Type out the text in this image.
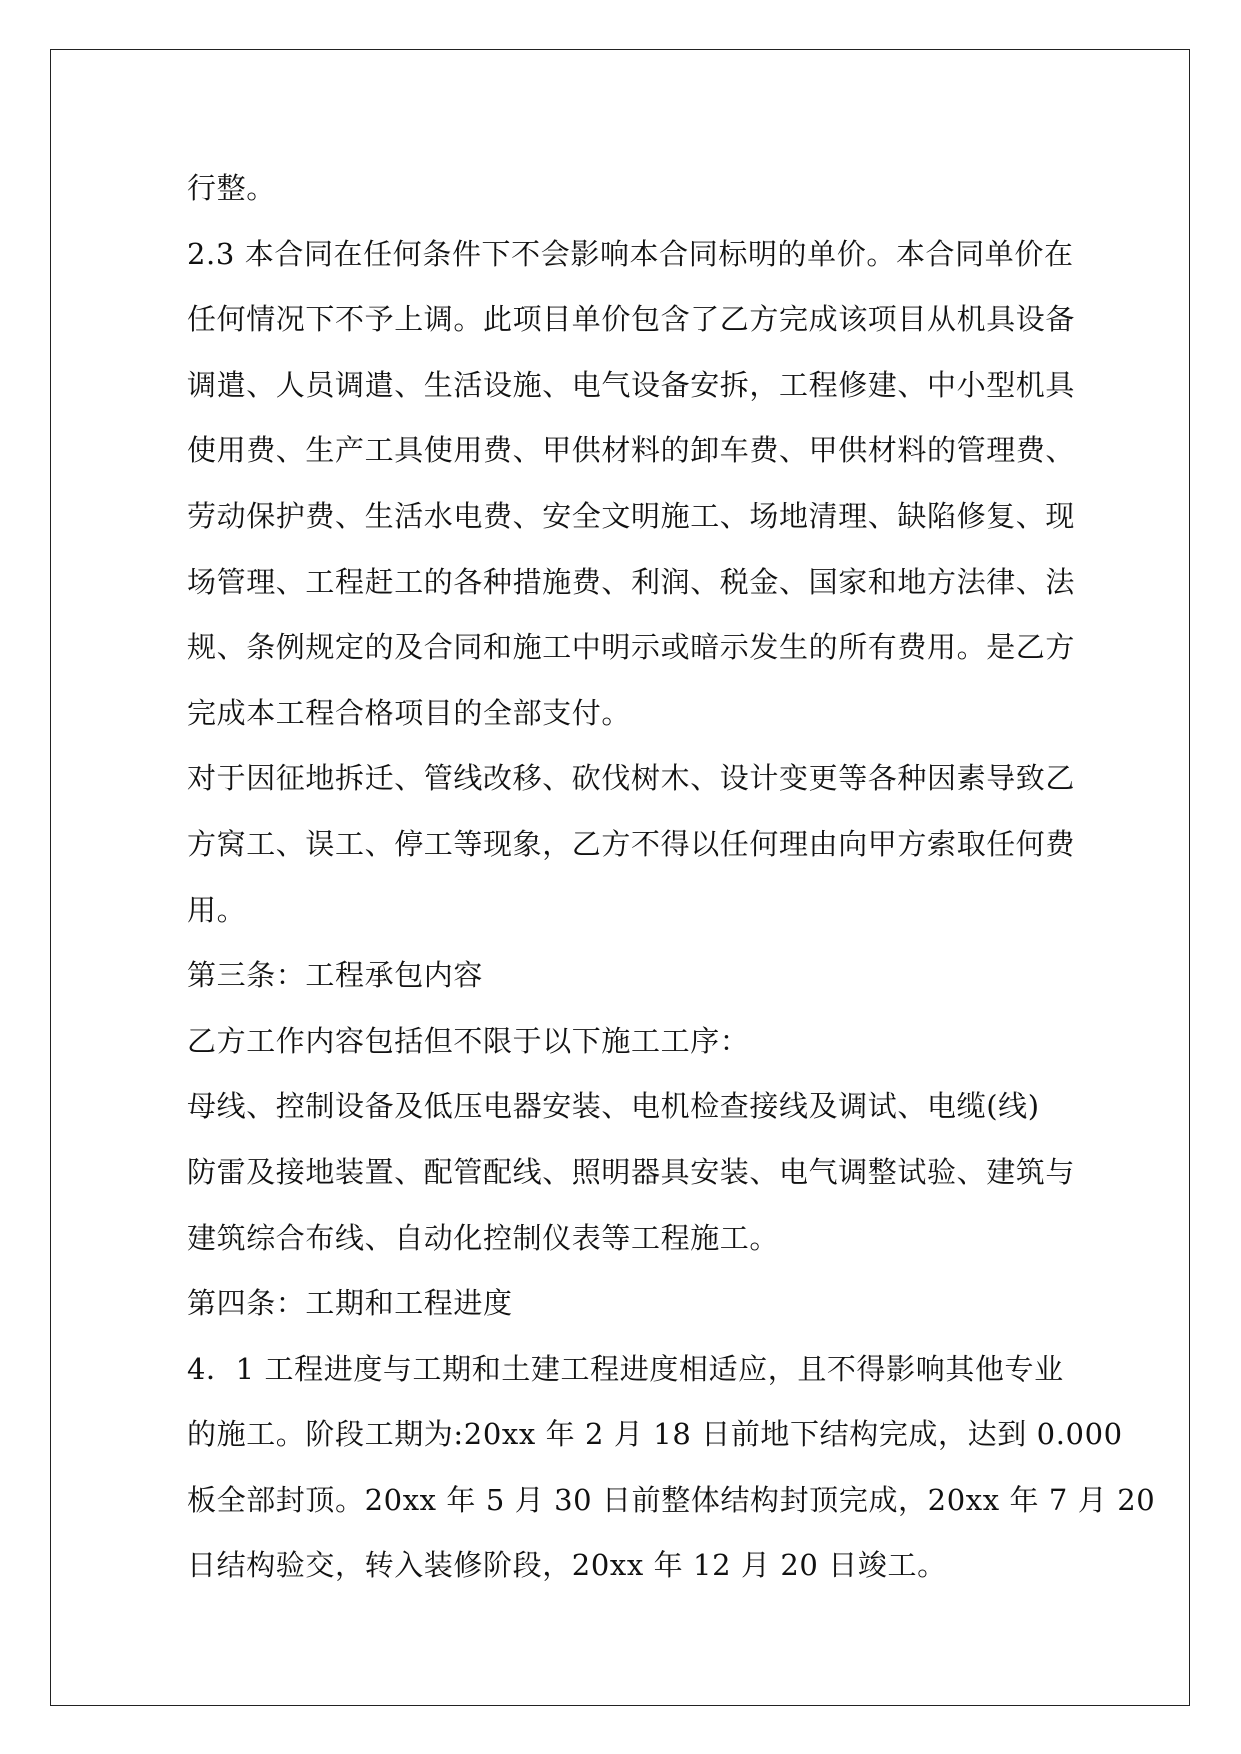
行整。
2.3 本合同在任何条件下不会影响本合同标明的单价。本合同单价在
任何情况下不予上调。此项目单价包含了乙方完成该项目从机具设备
调遣、人员调遣、生活设施、电气设备安拆，工程修建、中小型机具
使用费、生产工具使用费、甲供材料的卸车费、甲供材料的管理费、
劳动保护费、生活水电费、安全文明施工、场地清理、缺陷修复、现
场管理、工程赶工的各种措施费、利润、税金、国家和地方法律、法
规、条例规定的及合同和施工中明示或暗示发生的所有费用。是乙方
完成本工程合格项目的全部支付。
对于因征地拆迁、管线改移、砍伐树木、设计变更等各种因素导致乙
方窝工、误工、停工等现象，乙方不得以任何理由向甲方索取任何费
用。
第三条：工程承包内容
乙方工作内容包括但不限于以下施工工序：
母线、控制设备及低压电器安装、电机检查接线及调试、电缆(线)
防雷及接地装置、配管配线、照明器具安装、电气调整试验、建筑与
建筑综合布线、自动化控制仪表等工程施工。
第四条：工期和工程进度
4．1 工程进度与工期和土建工程进度相适应，且不得影响其他专业
的施工。阶段工期为:20xx 年 2 月 18 日前地下结构完成，达到 0.000
板全部封顶。20xx 年 5 月 30 日前整体结构封顶完成，20xx 年 7 月 20
日结构验交，转入装修阶段，20xx 年 12 月 20 日竣工。
